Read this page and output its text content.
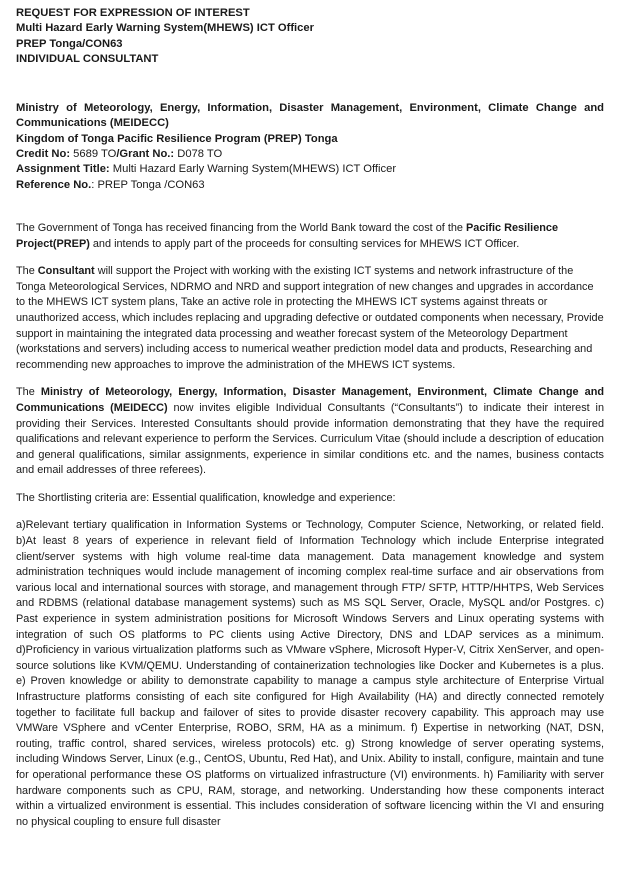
REQUEST FOR EXPRESSION OF INTEREST
Multi Hazard Early Warning System(MHEWS) ICT Officer
PREP Tonga/CON63
INDIVIDUAL CONSULTANT
Ministry of Meteorology, Energy, Information, Disaster Management, Environment, Climate Change and Communications (MEIDECC)
Kingdom of Tonga Pacific Resilience Program (PREP) Tonga
Credit No: 5689 TO/Grant No.: D078 TO
Assignment Title: Multi Hazard Early Warning System(MHEWS) ICT Officer
Reference No.: PREP Tonga /CON63

The Government of Tonga has received financing from the World Bank toward the cost of the Pacific Resilience Project(PREP) and intends to apply part of the proceeds for consulting services for MHEWS ICT Officer.

The Consultant will support the Project with working with the existing ICT systems and network infrastructure of the Tonga Meteorological Services, NDRMO and NRD and support integration of new changes and upgrades in accordance to the MHEWS ICT system plans, Take an active role in protecting the MHEWS ICT systems against threats or unauthorized access, which includes replacing and upgrading defective or outdated components when necessary, Provide support in maintaining the integrated data processing and weather forecast system of the Meteorology Department (workstations and servers) including access to numerical weather prediction model data and products, Researching and recommending new approaches to improve the administration of the MHEWS ICT systems.

The Ministry of Meteorology, Energy, Information, Disaster Management, Environment, Climate Change and Communications (MEIDECC) now invites eligible Individual Consultants (“Consultants”) to indicate their interest in providing their Services. Interested Consultants should provide information demonstrating that they have the required qualifications and relevant experience to perform the Services. Curriculum Vitae (should include a description of education and general qualifications, similar assignments, experience in similar conditions etc. and the names, business contacts and email addresses of three referees).

The Shortlisting criteria are: Essential qualification, knowledge and experience:

a)Relevant tertiary qualification in Information Systems or Technology, Computer Science, Networking, or related field. b)At least 8 years of experience in relevant field of Information Technology which include Enterprise integrated client/server systems with high volume real-time data management. Data management knowledge and system administration techniques would include management of incoming complex real-time surface and air observations from various local and international sources with storage, and management through FTP/ SFTP, HTTP/HHTPS, Web Services and RDBMS (relational database management systems) such as MS SQL Server, Oracle, MySQL and/or Postgres. c) Past experience in system administration positions for Microsoft Windows Servers and Linux operating systems with integration of such OS platforms to PC clients using Active Directory, DNS and LDAP services as a minimum. d)Proficiency in various virtualization platforms such as VMware vSphere, Microsoft Hyper-V, Citrix XenServer, and open-source solutions like KVM/QEMU. Understanding of containerization technologies like Docker and Kubernetes is a plus. e) Proven knowledge or ability to demonstrate capability to manage a campus style architecture of Enterprise Virtual Infrastructure platforms consisting of each site configured for High Availability (HA) and directly connected remotely together to facilitate full backup and failover of sites to provide disaster recovery capability. This approach may use VMWare VSphere and vCenter Enterprise, ROBO, SRM, HA as a minimum. f) Expertise in networking (NAT, DSN, routing, traffic control, shared services, wireless protocols) etc. g) Strong knowledge of server operating systems, including Windows Server, Linux (e.g., CentOS, Ubuntu, Red Hat), and Unix. Ability to install, configure, maintain and tune for operational performance these OS platforms on virtualized infrastructure (VI) environments. h) Familiarity with server hardware components such as CPU, RAM, storage, and networking. Understanding how these components interact within a virtualized environment is essential. This includes consideration of software licencing within the VI and ensuring no physical coupling to ensure full disaster
